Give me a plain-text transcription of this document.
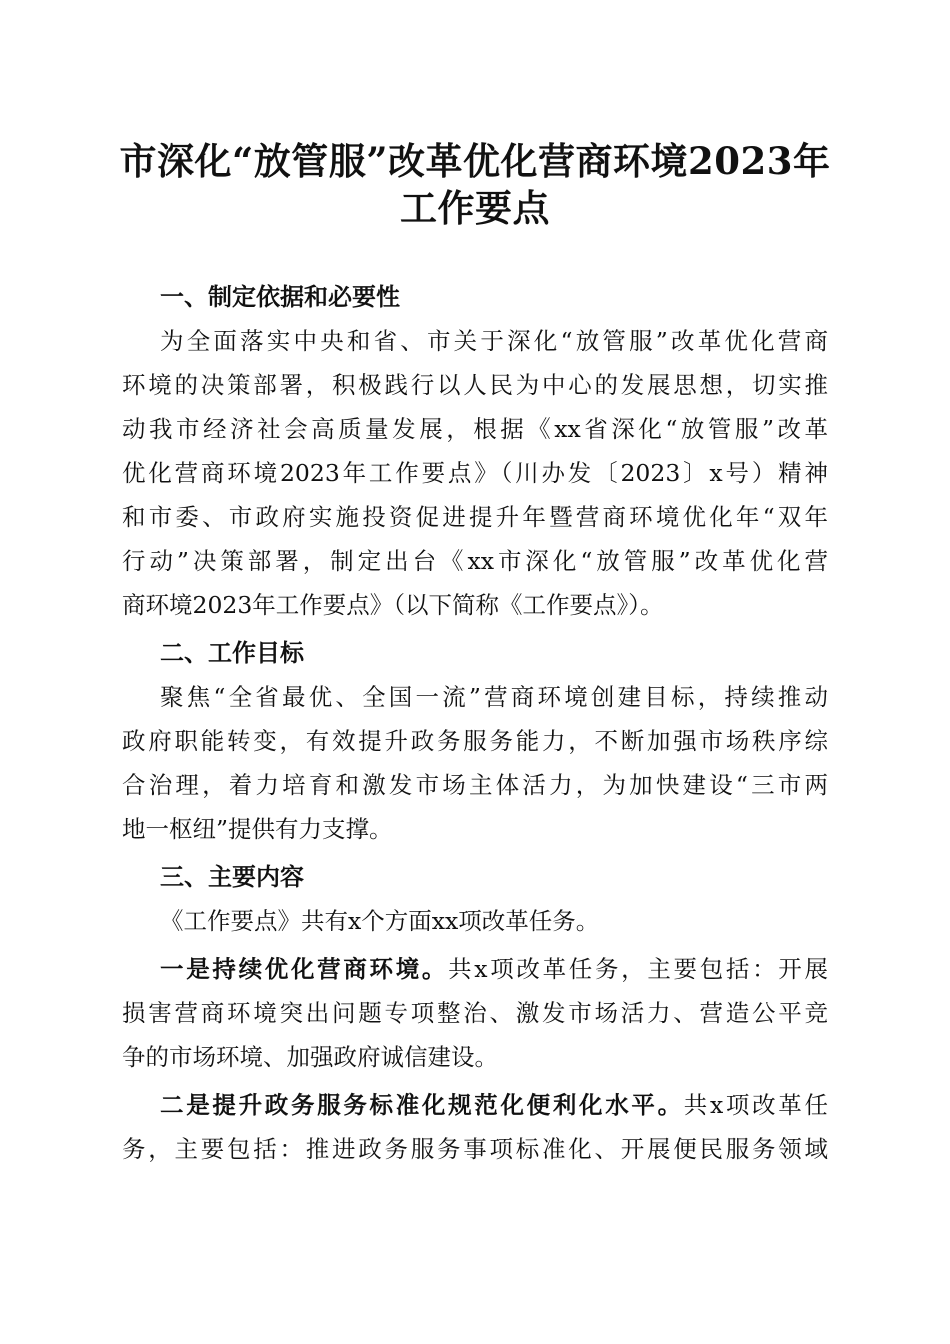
市深化“放管服”改革优化营商环境2023年
工作要点
一、制定依据和必要性
为全面落实中央和省、市关于深化“放管服”改革优化营商
环境的决策部署，积极践行以人民为中心的发展思想，切实推
动我市经济社会高质量发展，根据《xx省深化“放管服”改革
优化营商环境2023年工作要点》（川办发〔2023〕x号）精神
和市委、市政府实施投资促进提升年暨营商环境优化年“双年
行动”决策部署，制定出台《xx市深化“放管服”改革优化营
商环境2023年工作要点》（以下简称《工作要点》）。
二、工作目标
聚焦“全省最优、全国一流”营商环境创建目标，持续推动
政府职能转变，有效提升政务服务能力，不断加强市场秩序综
合治理，着力培育和激发市场主体活力，为加快建设“三市两
地一枢纽”提供有力支撑。
三、主要内容
《工作要点》共有x个方面xx项改革任务。
一是持续优化营商环境。共x项改革任务，主要包括：开展
损害营商环境突出问题专项整治、激发市场活力、营造公平竞
争的市场环境、加强政府诚信建设。
二是提升政务服务标准化规范化便利化水平。共x项改革任
务，主要包括：推进政务服务事项标准化、开展便民服务领域
